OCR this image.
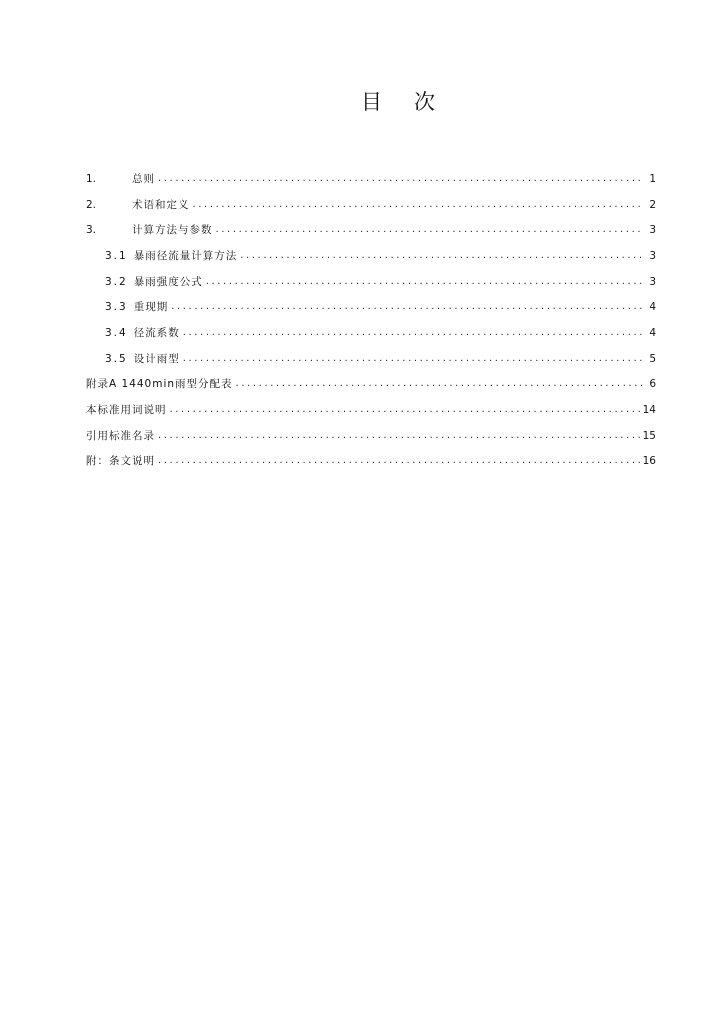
目 次
1.	总则 .....	1
2.	术语和定义 .....	2
3.	计算方法与参数 .....	3
3.1 暴雨径流量计算方法 .....	3
3.2 暴雨强度公式 .....	3
3.3 重现期 .....	4
3.4 径流系数 .....	4
3.5 设计雨型 .....	5
附录A 1440min雨型分配表 .....	6
本标准用词说明 .....	14
引用标准名录 .....	15
附：条文说明 .....	16
